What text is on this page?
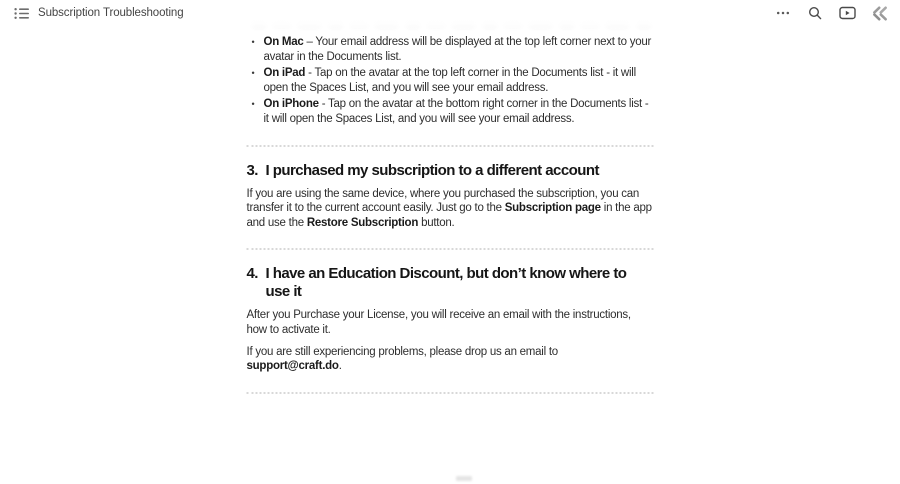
• On Mac – Your email address will be displayed at the top left corner next to your avatar in the Documents list.
• On iPad - Tap on the avatar at the top left corner in the Documents list - it will open the Spaces List, and you will see your email address.
• On iPhone - Tap on the avatar at the bottom right corner in the Documents list - it will open the Spaces List, and you will see your email address.
3. I purchased my subscription to a different account

If you are using the same device, where you purchased the subscription, you can transfer it to the current account easily. Just go to the Subscription page in the app and use the Restore Subscription button.

4. I have an Education Discount, but don’t know where to use it

After you Purchase your License, you will receive an email with the instructions, how to activate it.

If you are still experiencing problems, please drop us an email to support@craft.do.

Subscription Troubleshooting
